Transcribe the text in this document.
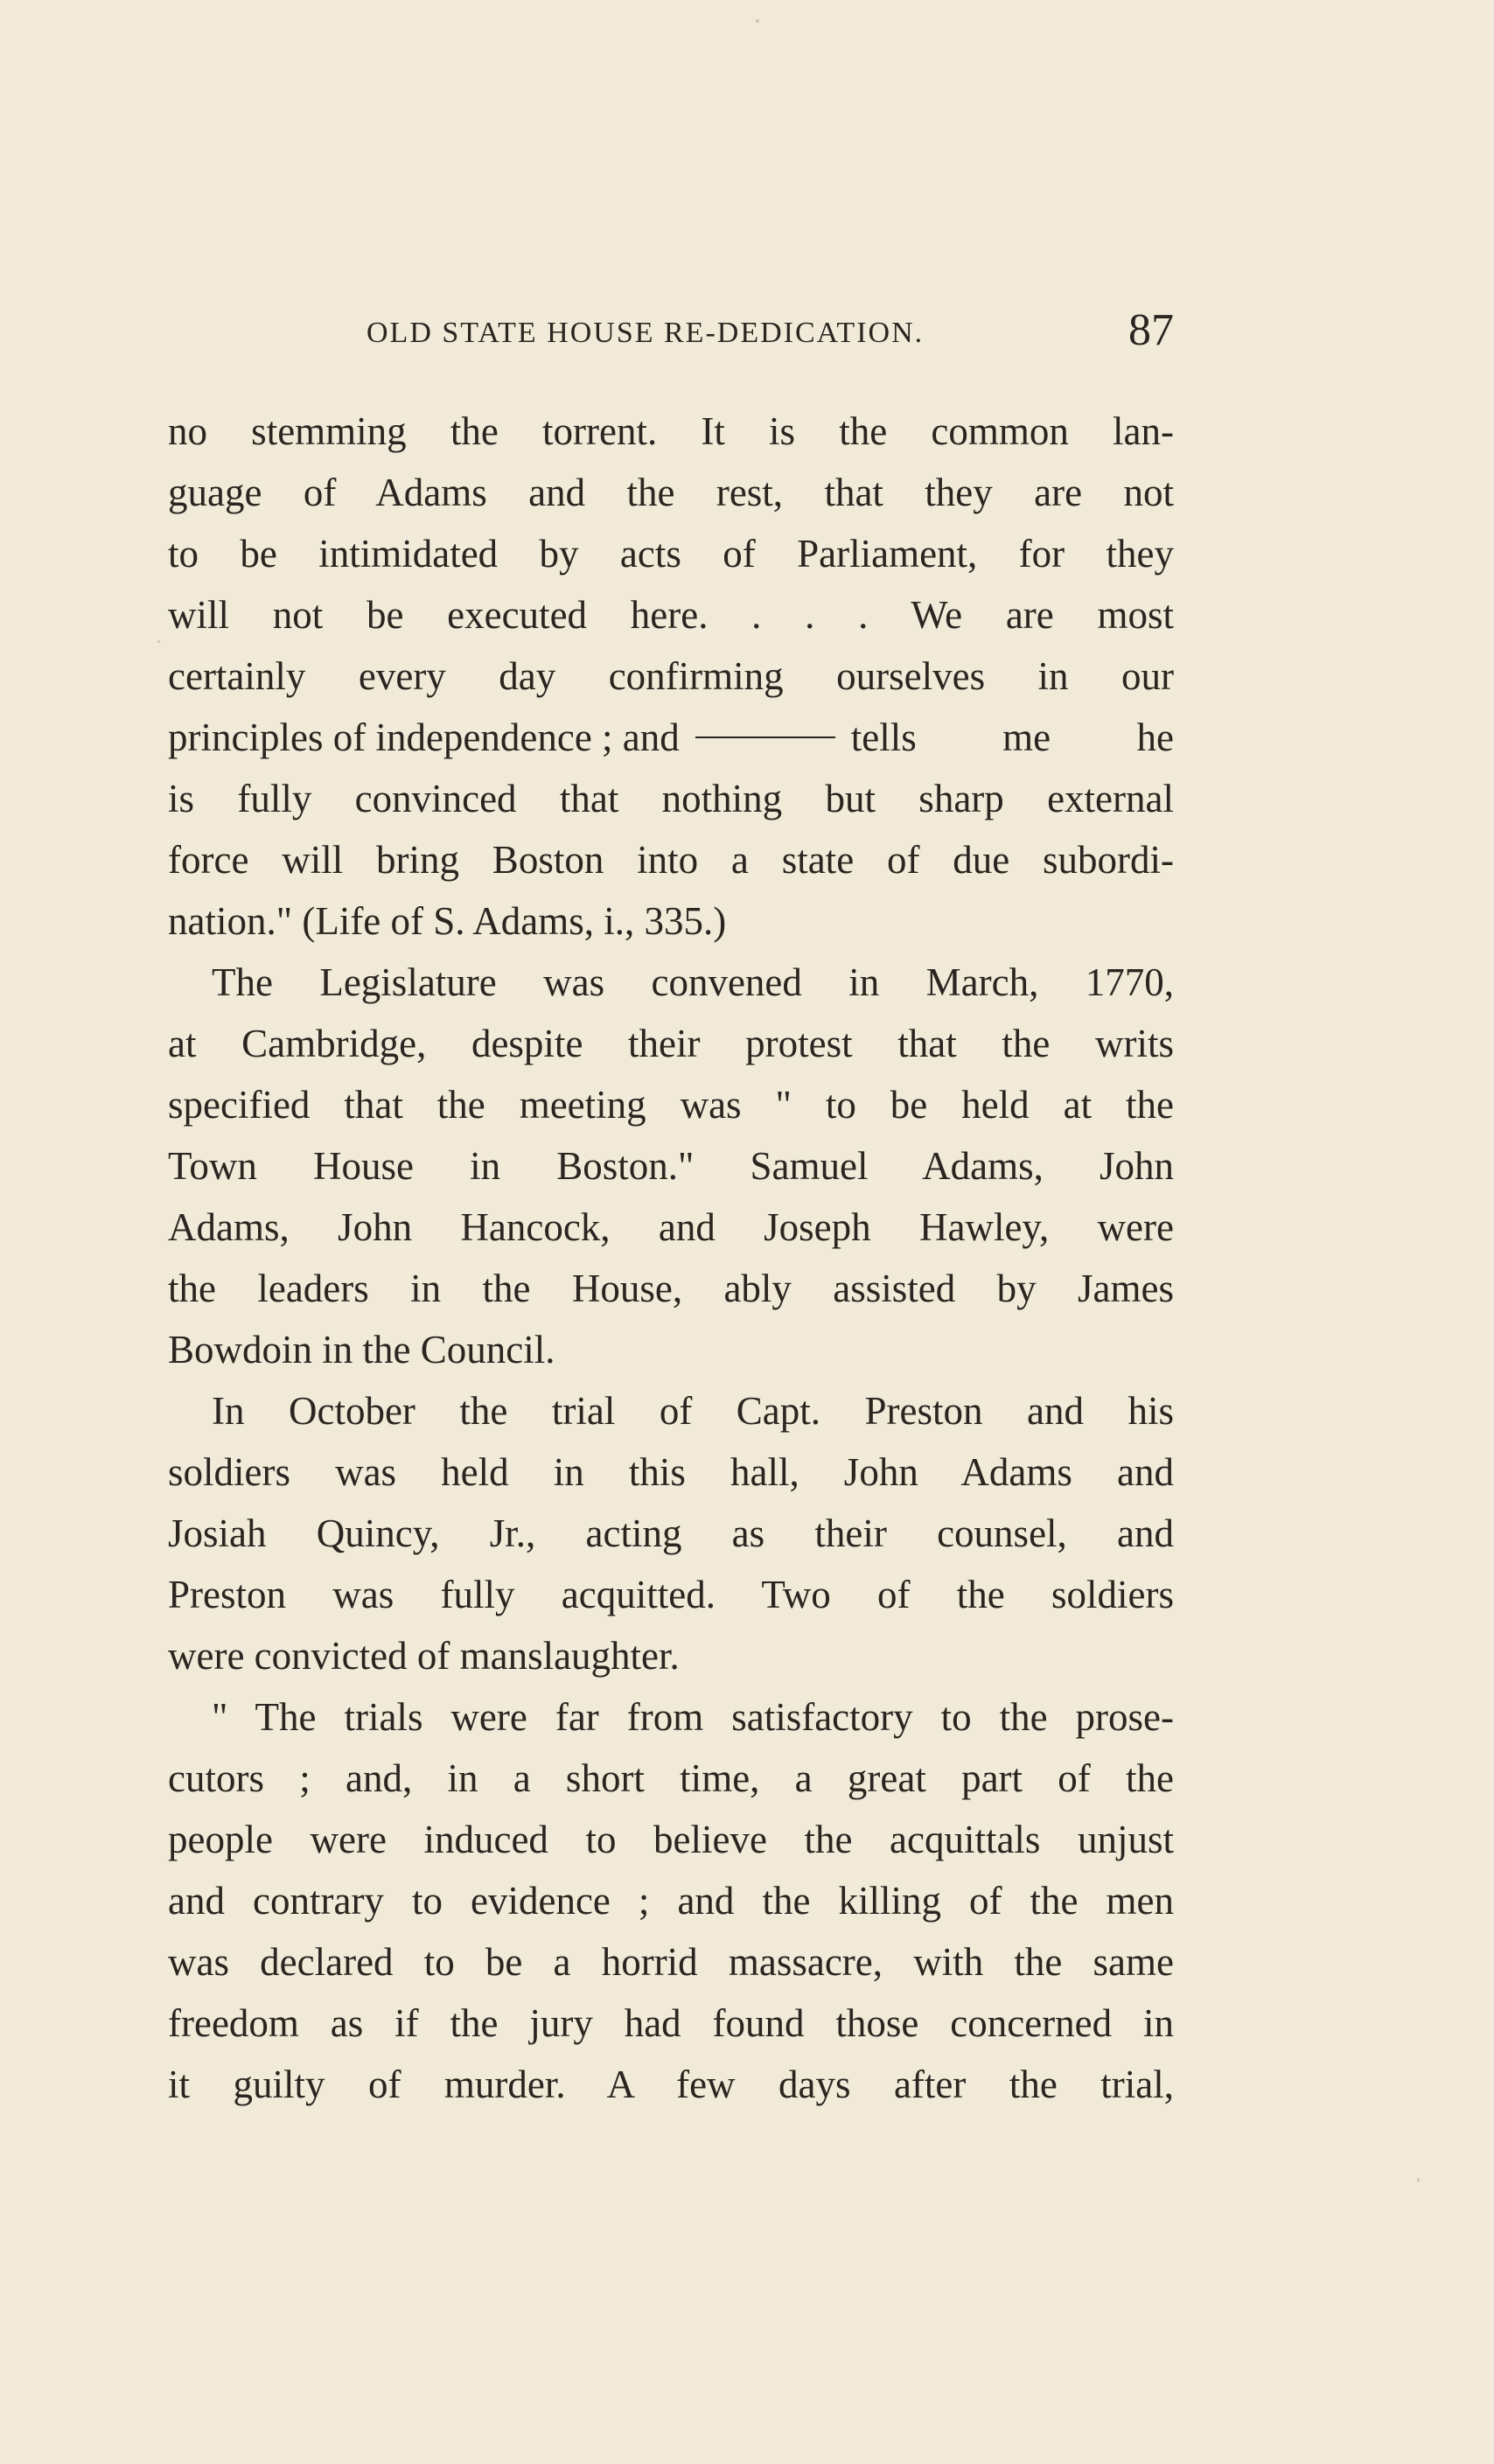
OLD STATE HOUSE RE-DEDICATION.	87
no stemming the torrent. It is the common lan-
guage of Adams and the rest, that they are not
to be intimidated by acts of Parliament, for they
will not be executed here. . . . We are most
certainly every day confirming ourselves in our
principles of independence ; and	tells me he
is fully convinced that nothing but sharp external
force will bring Boston into a state of due subordi-
nation." (Life of S. Adams, i., 335.)
The Legislature was convened in March, 1770,
at Cambridge, despite their protest that the writs
specified that the meeting was " to be held at the
Town House in Boston." Samuel Adams, John
Adams, John Hancock, and Joseph Hawley, were
the leaders in the House, ably assisted by James
Bowdoin in the Council.
In October the trial of Capt. Preston and his
soldiers was held in this hall, John Adams and
Josiah Quincy, Jr., acting as their counsel, and
Preston was fully acquitted. Two of the soldiers
were convicted of manslaughter.
" The trials were far from satisfactory to the prose-
cutors ; and, in a short time, a great part of the
people were induced to believe the acquittals unjust
and contrary to evidence ; and the killing of the men
was declared to be a horrid massacre, with the same
freedom as if the jury had found those concerned in
it guilty of murder. A few days after the trial,
